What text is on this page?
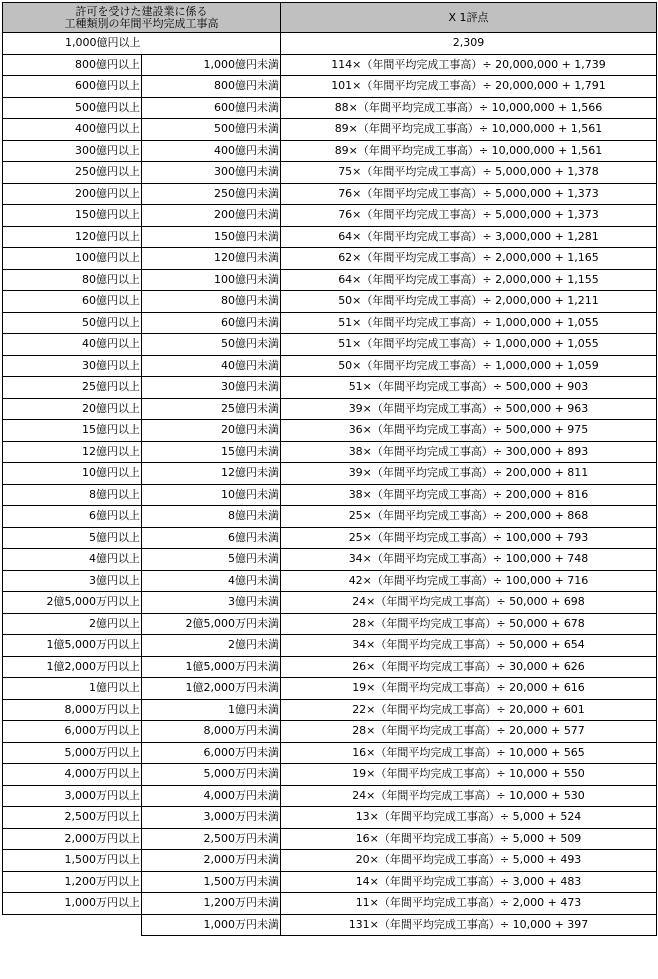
許可を受けた建設業に係る
工種類別の年間平均完成工事高		X 1評点
1,000億円以上		2,309
800億円以上	1,000億円未満	114×（年間平均完成工事高）÷ 20,000,000 + 1,739
600億円以上	800億円未満	101×（年間平均完成工事高）÷ 20,000,000 + 1,791
500億円以上	600億円未満	88×（年間平均完成工事高）÷ 10,000,000 + 1,566
400億円以上	500億円未満	89×（年間平均完成工事高）÷ 10,000,000 + 1,561
300億円以上	400億円未満	89×（年間平均完成工事高）÷ 10,000,000 + 1,561
250億円以上	300億円未満	75×（年間平均完成工事高）÷ 5,000,000 + 1,378
200億円以上	250億円未満	76×（年間平均完成工事高）÷ 5,000,000 + 1,373
150億円以上	200億円未満	76×（年間平均完成工事高）÷ 5,000,000 + 1,373
120億円以上	150億円未満	64×（年間平均完成工事高）÷ 3,000,000 + 1,281
100億円以上	120億円未満	62×（年間平均完成工事高）÷ 2,000,000 + 1,165
80億円以上	100億円未満	64×（年間平均完成工事高）÷ 2,000,000 + 1,155
60億円以上	80億円未満	50×（年間平均完成工事高）÷ 2,000,000 + 1,211
50億円以上	60億円未満	51×（年間平均完成工事高）÷ 1,000,000 + 1,055
40億円以上	50億円未満	51×（年間平均完成工事高）÷ 1,000,000 + 1,055
30億円以上	40億円未満	50×（年間平均完成工事高）÷ 1,000,000 + 1,059
25億円以上	30億円未満	51×（年間平均完成工事高）÷ 500,000 + 903
20億円以上	25億円未満	39×（年間平均完成工事高）÷ 500,000 + 963
15億円以上	20億円未満	36×（年間平均完成工事高）÷ 500,000 + 975
12億円以上	15億円未満	38×（年間平均完成工事高）÷ 300,000 + 893
10億円以上	12億円未満	39×（年間平均完成工事高）÷ 200,000 + 811
8億円以上	10億円未満	38×（年間平均完成工事高）÷ 200,000 + 816
6億円以上	8億円未満	25×（年間平均完成工事高）÷ 200,000 + 868
5億円以上	6億円未満	25×（年間平均完成工事高）÷ 100,000 + 793
4億円以上	5億円未満	34×（年間平均完成工事高）÷ 100,000 + 748
3億円以上	4億円未満	42×（年間平均完成工事高）÷ 100,000 + 716
2億5,000万円以上	3億円未満	24×（年間平均完成工事高）÷ 50,000 + 698
2億円以上	2億5,000万円未満	28×（年間平均完成工事高）÷ 50,000 + 678
1億5,000万円以上	2億円未満	34×（年間平均完成工事高）÷ 50,000 + 654
1億2,000万円以上	1億5,000万円未満	26×（年間平均完成工事高）÷ 30,000 + 626
1億円以上	1億2,000万円未満	19×（年間平均完成工事高）÷ 20,000 + 616
8,000万円以上	1億円未満	22×（年間平均完成工事高）÷ 20,000 + 601
6,000万円以上	8,000万円未満	28×（年間平均完成工事高）÷ 20,000 + 577
5,000万円以上	6,000万円未満	16×（年間平均完成工事高）÷ 10,000 + 565
4,000万円以上	5,000万円未満	19×（年間平均完成工事高）÷ 10,000 + 550
3,000万円以上	4,000万円未満	24×（年間平均完成工事高）÷ 10,000 + 530
2,500万円以上	3,000万円未満	13×（年間平均完成工事高）÷ 5,000 + 524
2,000万円以上	2,500万円未満	16×（年間平均完成工事高）÷ 5,000 + 509
1,500万円以上	2,000万円未満	20×（年間平均完成工事高）÷ 5,000 + 493
1,200万円以上	1,500万円未満	14×（年間平均完成工事高）÷ 3,000 + 483
1,000万円以上	1,200万円未満	11×（年間平均完成工事高）÷ 2,000 + 473
	1,000万円未満	131×（年間平均完成工事高）÷ 10,000 + 397
